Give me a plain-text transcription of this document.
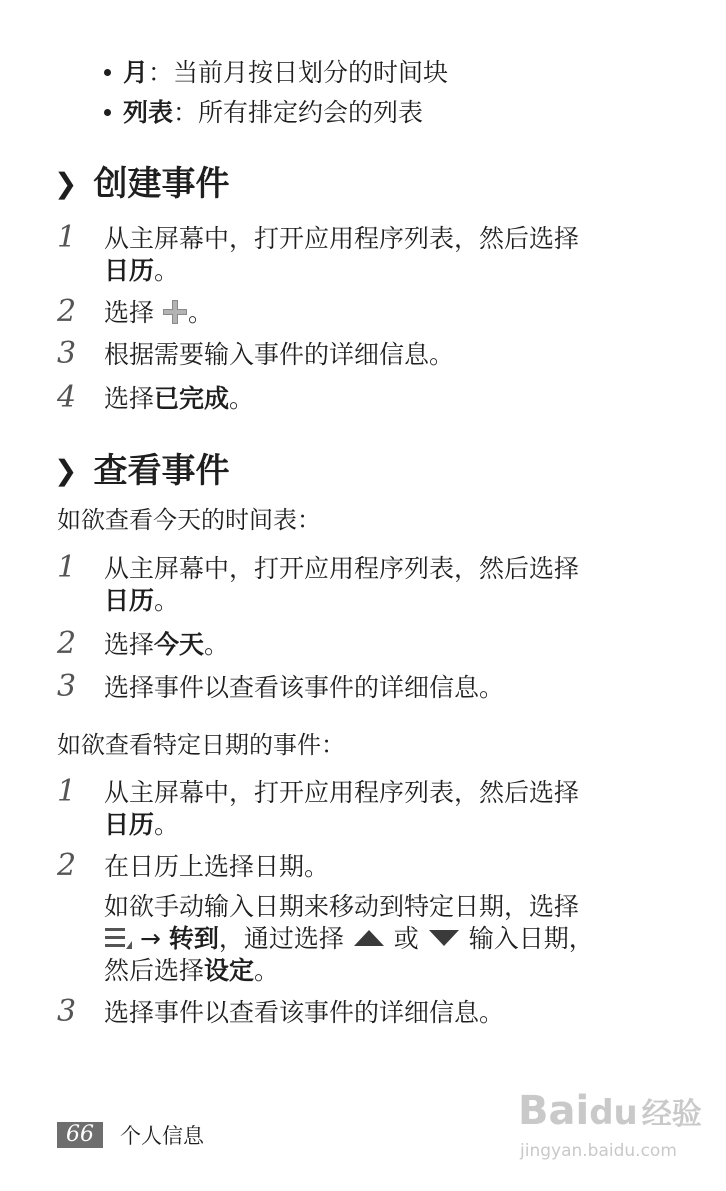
月：当前月按日划分的时间块
列表：所有排定约会的列表
❯ 创建事件
1 从主屏幕中，打开应用程序列表，然后选择
日历。
2 选择 。
3 根据需要输入事件的详细信息。
4 选择已完成。
❯ 查看事件
如欲查看今天的时间表：
1 从主屏幕中，打开应用程序列表，然后选择
日历。
2 选择今天。
3 选择事件以查看该事件的详细信息。
如欲查看特定日期的事件：
1 从主屏幕中，打开应用程序列表，然后选择
日历。
2 在日历上选择日期。
如欲手动输入日期来移动到特定日期，选择
→ 转到，通过选择 或 输入日期，
然后选择设定。
3 选择事件以查看该事件的详细信息。
66	个人信息
Baidu 经验
jingyan.baidu.com
